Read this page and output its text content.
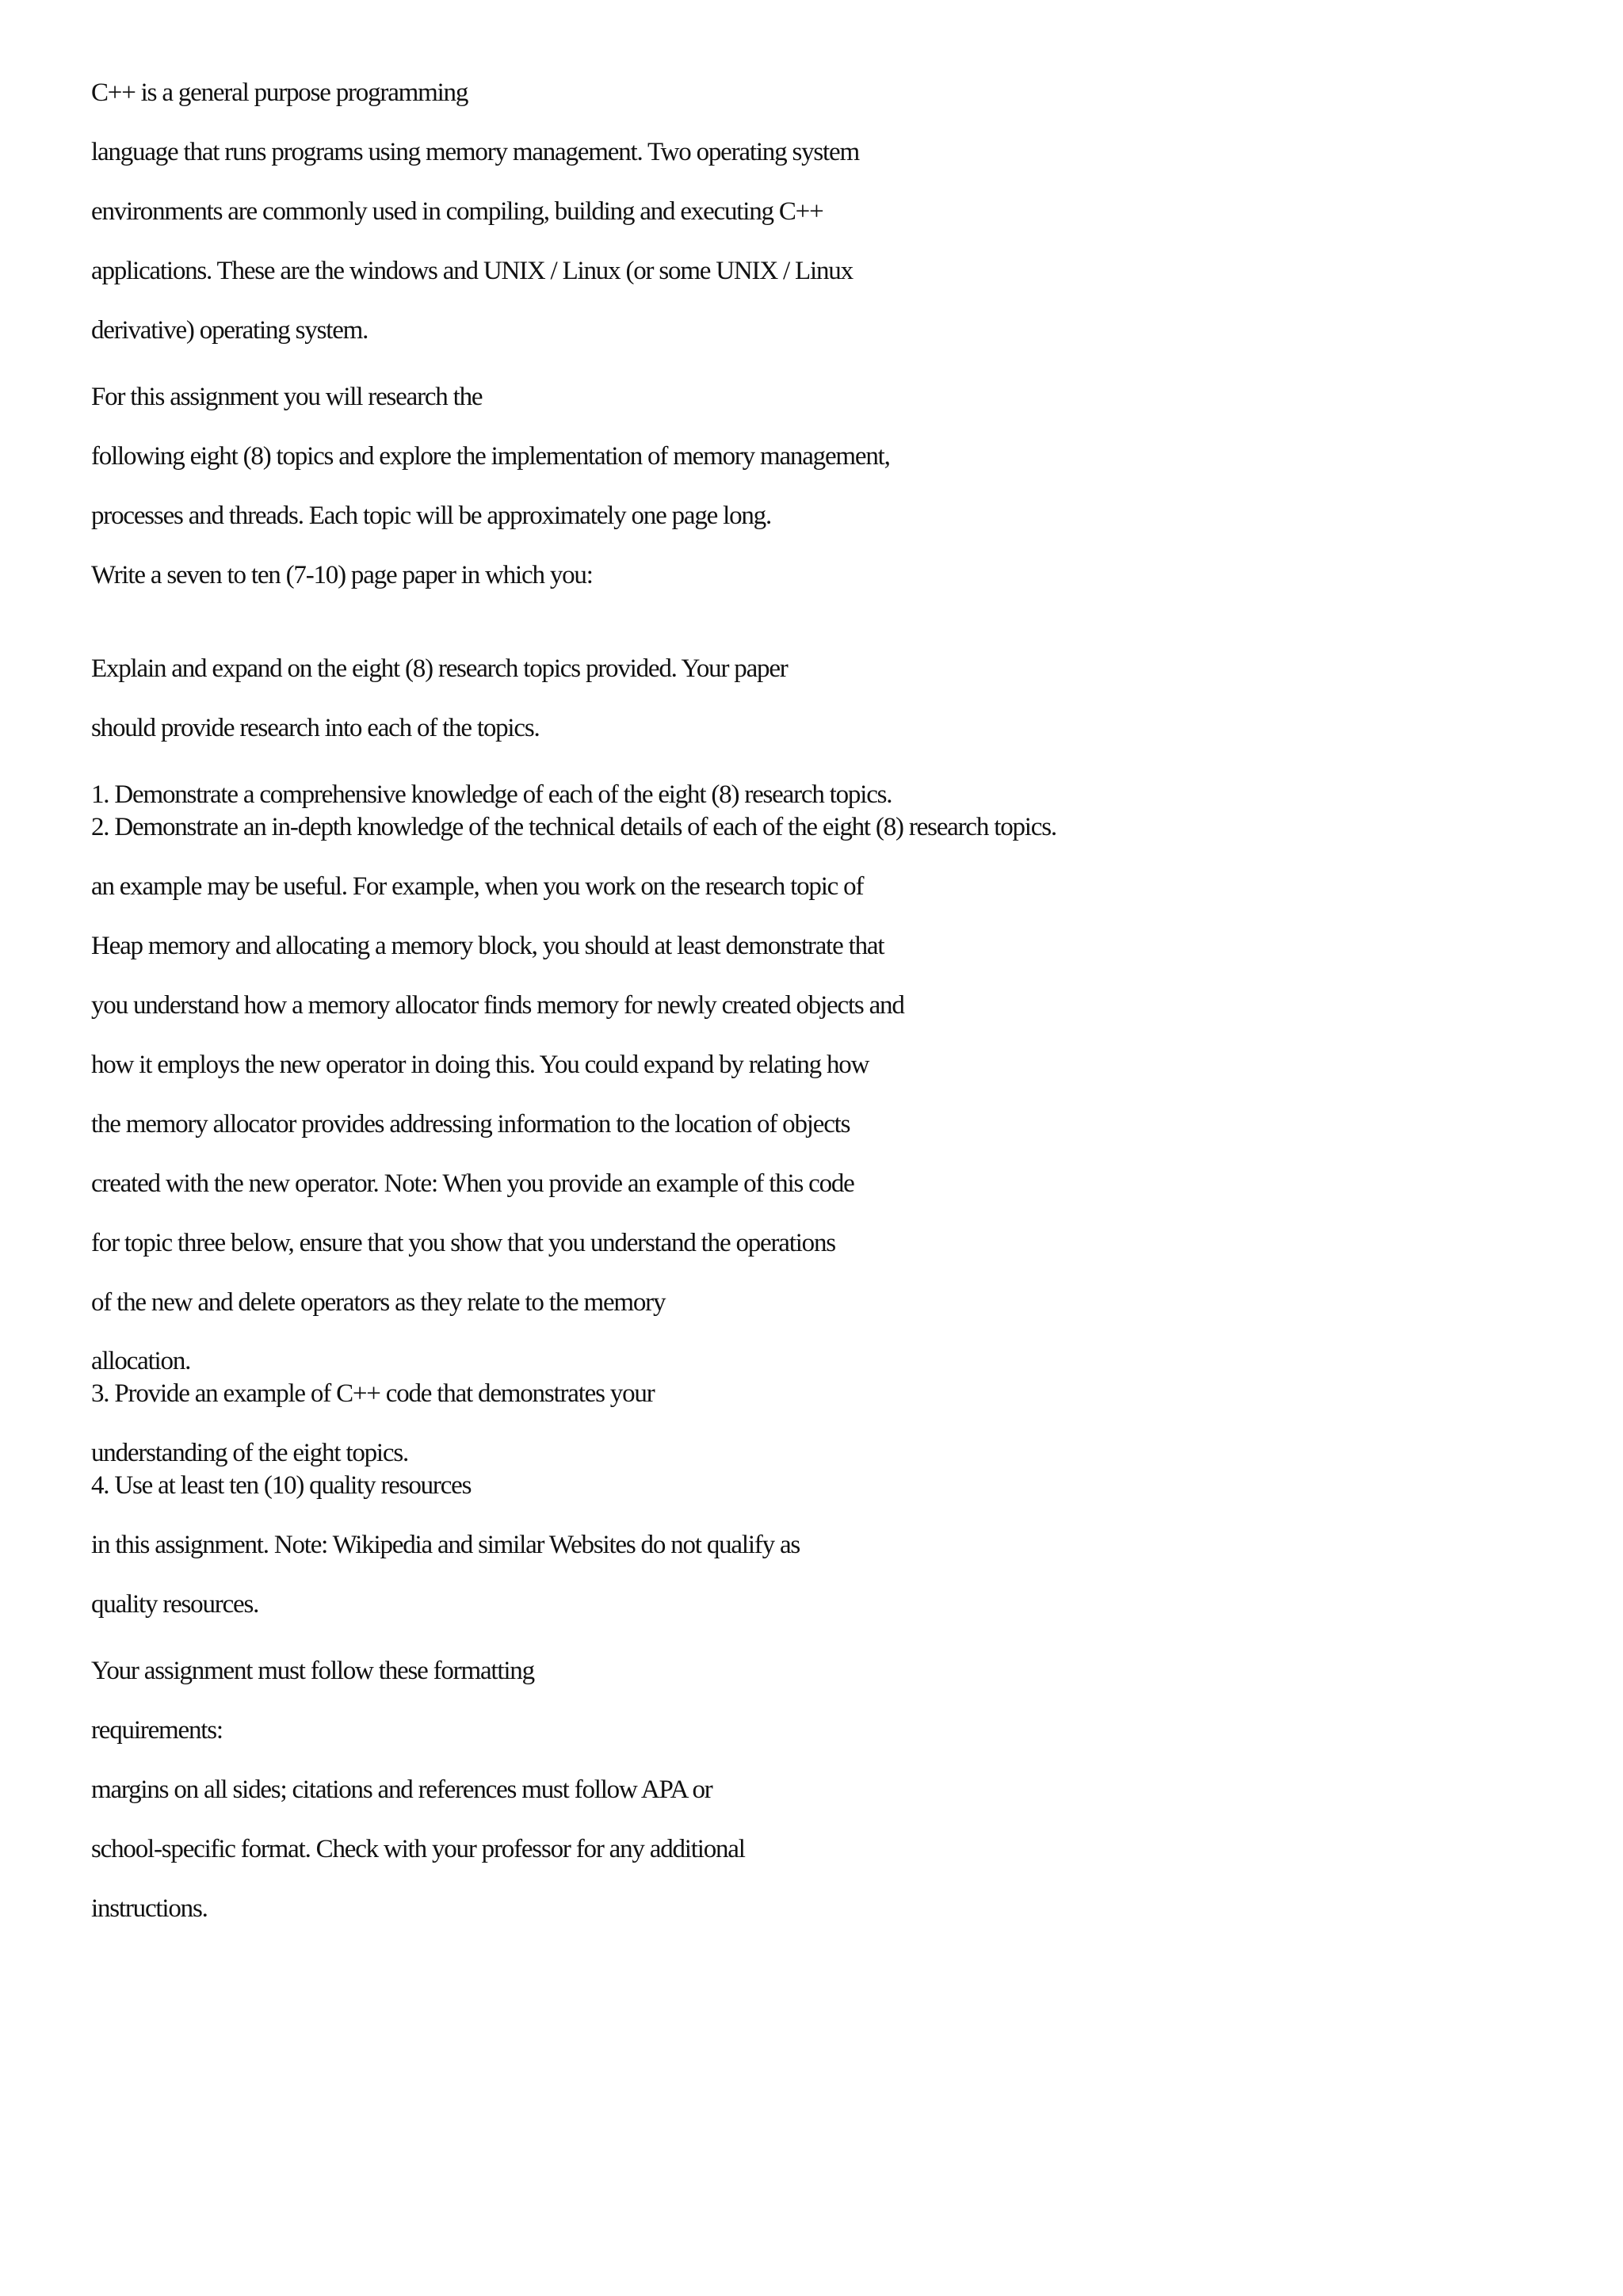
C++ is a general purpose programming

language that runs programs using memory management. Two operating system

environments are commonly used in compiling, building and executing C++

applications. These are the windows and UNIX / Linux (or some UNIX / Linux

derivative) operating system.

For this assignment you will research the

following eight (8) topics and explore the implementation of memory management,

processes and threads. Each topic will be approximately one page long.

Write a seven to ten (7-10) page paper in which you:

Explain and expand on the eight (8) research topics provided. Your paper

should provide research into each of the topics.

1. Demonstrate a comprehensive knowledge of each of the eight (8) research topics.

2. Demonstrate an in-depth knowledge of the technical details of each of the eight (8) research topics.

an example may be useful. For example, when you work on the research topic of

Heap memory and allocating a memory block, you should at least demonstrate that

you understand how a memory allocator finds memory for newly created objects and

how it employs the new operator in doing this. You could expand by relating how

the memory allocator provides addressing information to the location of objects

created with the new operator. Note: When you provide an example of this code

for topic three below, ensure that you show that you understand the operations

of the new and delete operators as they relate to the memory

allocation.

3. Provide an example of C++ code that demonstrates your

understanding of the eight topics.

4. Use at least ten (10) quality resources

in this assignment. Note: Wikipedia and similar Websites do not qualify as

quality resources.

Your assignment must follow these formatting

requirements:

margins on all sides; citations and references must follow APA or

school-specific format. Check with your professor for any additional

instructions.
